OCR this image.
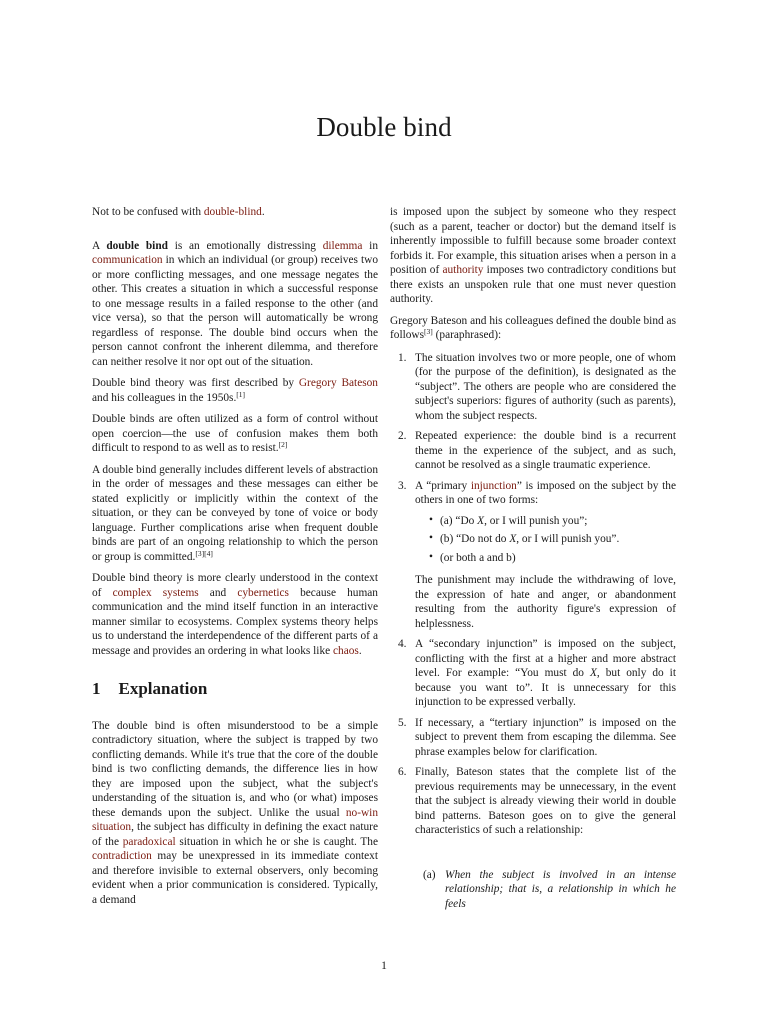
Double bind

Not to be confused with double-blind.

A double bind is an emotionally distressing dilemma in communication in which an individual (or group) receives two or more conflicting messages, and one message negates the other. This creates a situation in which a successful response to one message results in a failed response to the other (and vice versa), so that the person will automatically be wrong regardless of response. The double bind occurs when the person cannot confront the inherent dilemma, and therefore can neither resolve it nor opt out of the situation.

Double bind theory was first described by Gregory Bateson and his colleagues in the 1950s.[1]

Double binds are often utilized as a form of control without open coercion—the use of confusion makes them both difficult to respond to as well as to resist.[2]

A double bind generally includes different levels of abstraction in the order of messages and these messages can either be stated explicitly or implicitly within the context of the situation, or they can be conveyed by tone of voice or body language. Further complications arise when frequent double binds are part of an ongoing relationship to which the person or group is committed.[3][4]

Double bind theory is more clearly understood in the context of complex systems and cybernetics because human communication and the mind itself function in an interactive manner similar to ecosystems. Complex systems theory helps us to understand the interdependence of the different parts of a message and provides an ordering in what looks like chaos.

1 Explanation

The double bind is often misunderstood to be a simple contradictory situation, where the subject is trapped by two conflicting demands. While it's true that the core of the double bind is two conflicting demands, the difference lies in how they are imposed upon the subject, what the subject's understanding of the situation is, and who (or what) imposes these demands upon the subject. Unlike the usual no-win situation, the subject has difficulty in defining the exact nature of the paradoxical situation in which he or she is caught. The contradiction may be unexpressed in its immediate context and therefore invisible to external observers, only becoming evident when a prior communication is considered. Typically, a demand

is imposed upon the subject by someone who they respect (such as a parent, teacher or doctor) but the demand itself is inherently impossible to fulfill because some broader context forbids it. For example, this situation arises when a person in a position of authority imposes two contradictory conditions but there exists an unspoken rule that one must never question authority.

Gregory Bateson and his colleagues defined the double bind as follows[3] (paraphrased):

1. The situation involves two or more people, one of whom (for the purpose of the definition), is designated as the “subject”. The others are people who are considered the subject's superiors: figures of authority (such as parents), whom the subject respects.
2. Repeated experience: the double bind is a recurrent theme in the experience of the subject, and as such, cannot be resolved as a single traumatic experience.
3. A “primary injunction” is imposed on the subject by the others in one of two forms:
• (a) “Do X, or I will punish you”;
• (b) “Do not do X, or I will punish you”.
• (or both a and b)
The punishment may include the withdrawing of love, the expression of hate and anger, or abandonment resulting from the authority figure's expression of helplessness.
4. A “secondary injunction” is imposed on the subject, conflicting with the first at a higher and more abstract level. For example: “You must do X, but only do it because you want to”. It is unnecessary for this injunction to be expressed verbally.
5. If necessary, a “tertiary injunction” is imposed on the subject to prevent them from escaping the dilemma. See phrase examples below for clarification.
6. Finally, Bateson states that the complete list of the previous requirements may be unnecessary, in the event that the subject is already viewing their world in double bind patterns. Bateson goes on to give the general characteristics of such a relationship:
(a) When the subject is involved in an intense relationship; that is, a relationship in which he feels
1
